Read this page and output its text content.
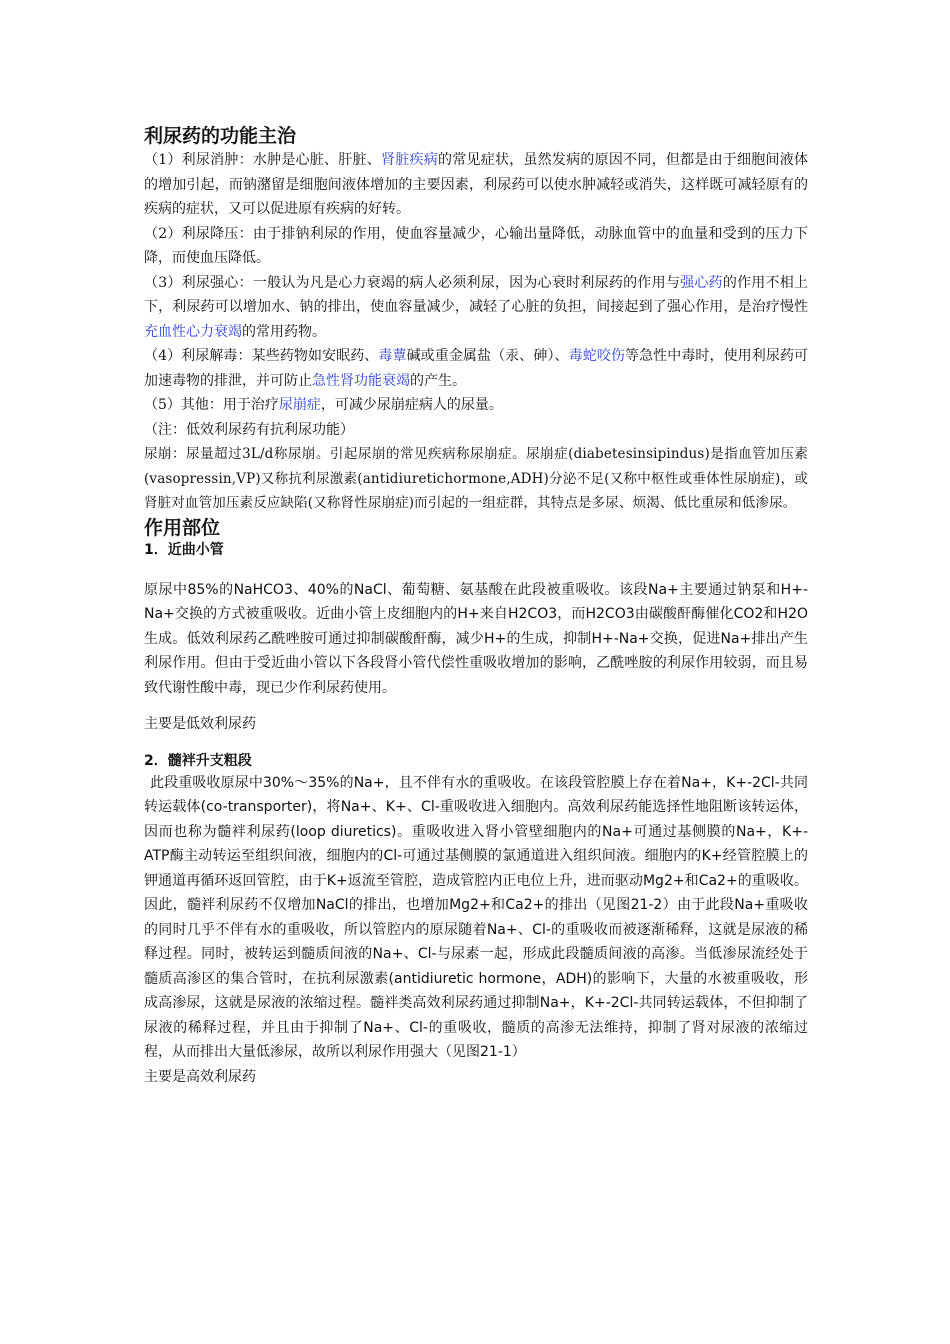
利尿药的功能主治

（1）利尿消肿：水肿是心脏、肝脏、肾脏疾病的常见症状，虽然发病的原因不同，但都是由于细胞间液体的增加引起，而钠潴留是细胞间液体增加的主要因素，利尿药可以使水肿减轻或消失，这样既可减轻原有的疾病的症状，又可以促进原有疾病的好转。

（2）利尿降压：由于排钠利尿的作用，使血容量减少，心输出量降低，动脉血管中的血量和受到的压力下降，而使血压降低。

（3）利尿强心：一般认为凡是心力衰竭的病人必须利尿，因为心衰时利尿药的作用与强心药的作用不相上下，利尿药可以增加水、钠的排出，使血容量减少，减轻了心脏的负担，间接起到了强心作用，是治疗慢性充血性心力衰竭的常用药物。

（4）利尿解毒：某些药物如安眠药、毒蕈碱或重金属盐（汞、砷）、毒蛇咬伤等急性中毒时，使用利尿药可加速毒物的排泄，并可防止急性肾功能衰竭的产生。

（5）其他：用于治疗尿崩症，可减少尿崩症病人的尿量。

（注：低效利尿药有抗利尿功能）

尿崩：尿量超过3L/d称尿崩。引起尿崩的常见疾病称尿崩症。尿崩症(diabetesinsipindus)是指血管加压素(vasopressin,VP)又称抗利尿激素(antidiuretichormone,ADH)分泌不足(又称中枢性或垂体性尿崩症)，或肾脏对血管加压素反应缺陷(又称肾性尿崩症)而引起的一组症群，其特点是多尿、烦渴、低比重尿和低渗尿。

作用部位
1．近曲小管

原尿中85%的NaHCO3、40%的NaCl、葡萄糖、氨基酸在此段被重吸收。该段Na+主要通过钠泵和H+-Na+交换的方式被重吸收。近曲小管上皮细胞内的H+来自H2CO3，而H2CO3由碳酸酐酶催化CO2和H2O生成。低效利尿药乙酰唑胺可通过抑制碳酸酐酶，减少H+的生成，抑制H+-Na+交换，促进Na+排出产生利尿作用。但由于受近曲小管以下各段肾小管代偿性重吸收增加的影响，乙酰唑胺的利尿作用较弱，而且易致代谢性酸中毒，现已少作利尿药使用。

主要是低效利尿药

2．髓袢升支粗段

此段重吸收原尿中30%～35%的Na+，且不伴有水的重吸收。在该段管腔膜上存在着Na+，K+-2Cl-共同转运载体(co-transporter)，将Na+、K+、Cl-重吸收进入细胞内。高效利尿药能选择性地阻断该转运体，因而也称为髓袢利尿药(loop diuretics)。重吸收进入肾小管壁细胞内的Na+可通过基侧膜的Na+，K+-ATP酶主动转运至组织间液，细胞内的Cl-可通过基侧膜的氯通道进入组织间液。细胞内的K+经管腔膜上的钾通道再循环返回管腔，由于K+返流至管腔，造成管腔内正电位上升，进而驱动Mg2+和Ca2+的重吸收。因此，髓袢利尿药不仅增加NaCl的排出，也增加Mg2+和Ca2+的排出（见图21-2）由于此段Na+重吸收的同时几乎不伴有水的重吸收，所以管腔内的原尿随着Na+、Cl-的重吸收而被逐渐稀释，这就是尿液的稀释过程。同时，被转运到髓质间液的Na+、Cl-与尿素一起，形成此段髓质间液的高渗。当低渗尿流经处于髓质高渗区的集合管时，在抗利尿激素(antidiuretic hormone，ADH)的影响下，大量的水被重吸收，形成高渗尿，这就是尿液的浓缩过程。髓袢类高效利尿药通过抑制Na+，K+-2Cl-共同转运载体，不但抑制了尿液的稀释过程，并且由于抑制了Na+、Cl-的重吸收，髓质的高渗无法维持，抑制了肾对尿液的浓缩过程，从而排出大量低渗尿，故所以利尿作用强大（见图21-1）

主要是高效利尿药
